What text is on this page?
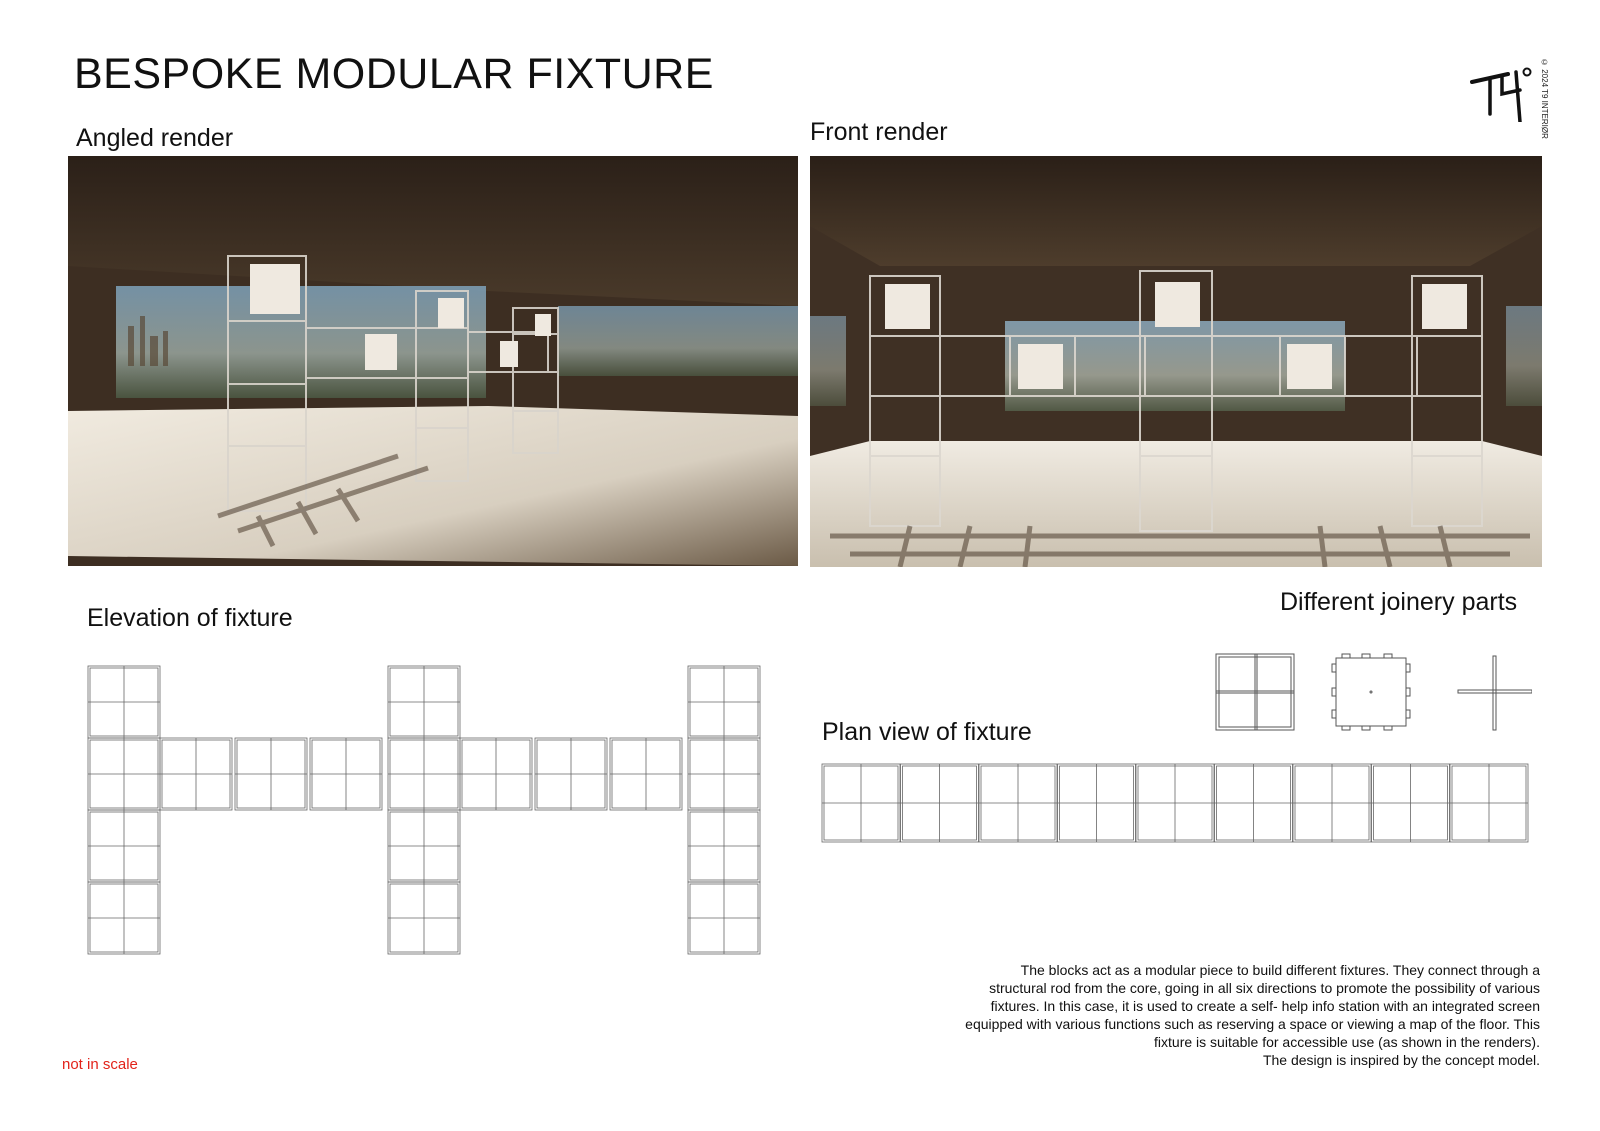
BESPOKE MODULAR FIXTURE	© 2024 T9 INTERIØR
Angled render	Front render
Elevation of fixture
Different joinery parts
Plan view of fixture
The blocks act as a modular piece to build different fixtures. They connect through a
structural rod from the core, going in all six directions to promote the possibility of various
fixtures. In this case, it is used to create a self- help info station with an integrated screen
equipped with various functions such as reserving a space or viewing a map of the floor. This
fixture is suitable for accessible use (as shown in the renders).
The design is inspired by the concept model.
not in scale
